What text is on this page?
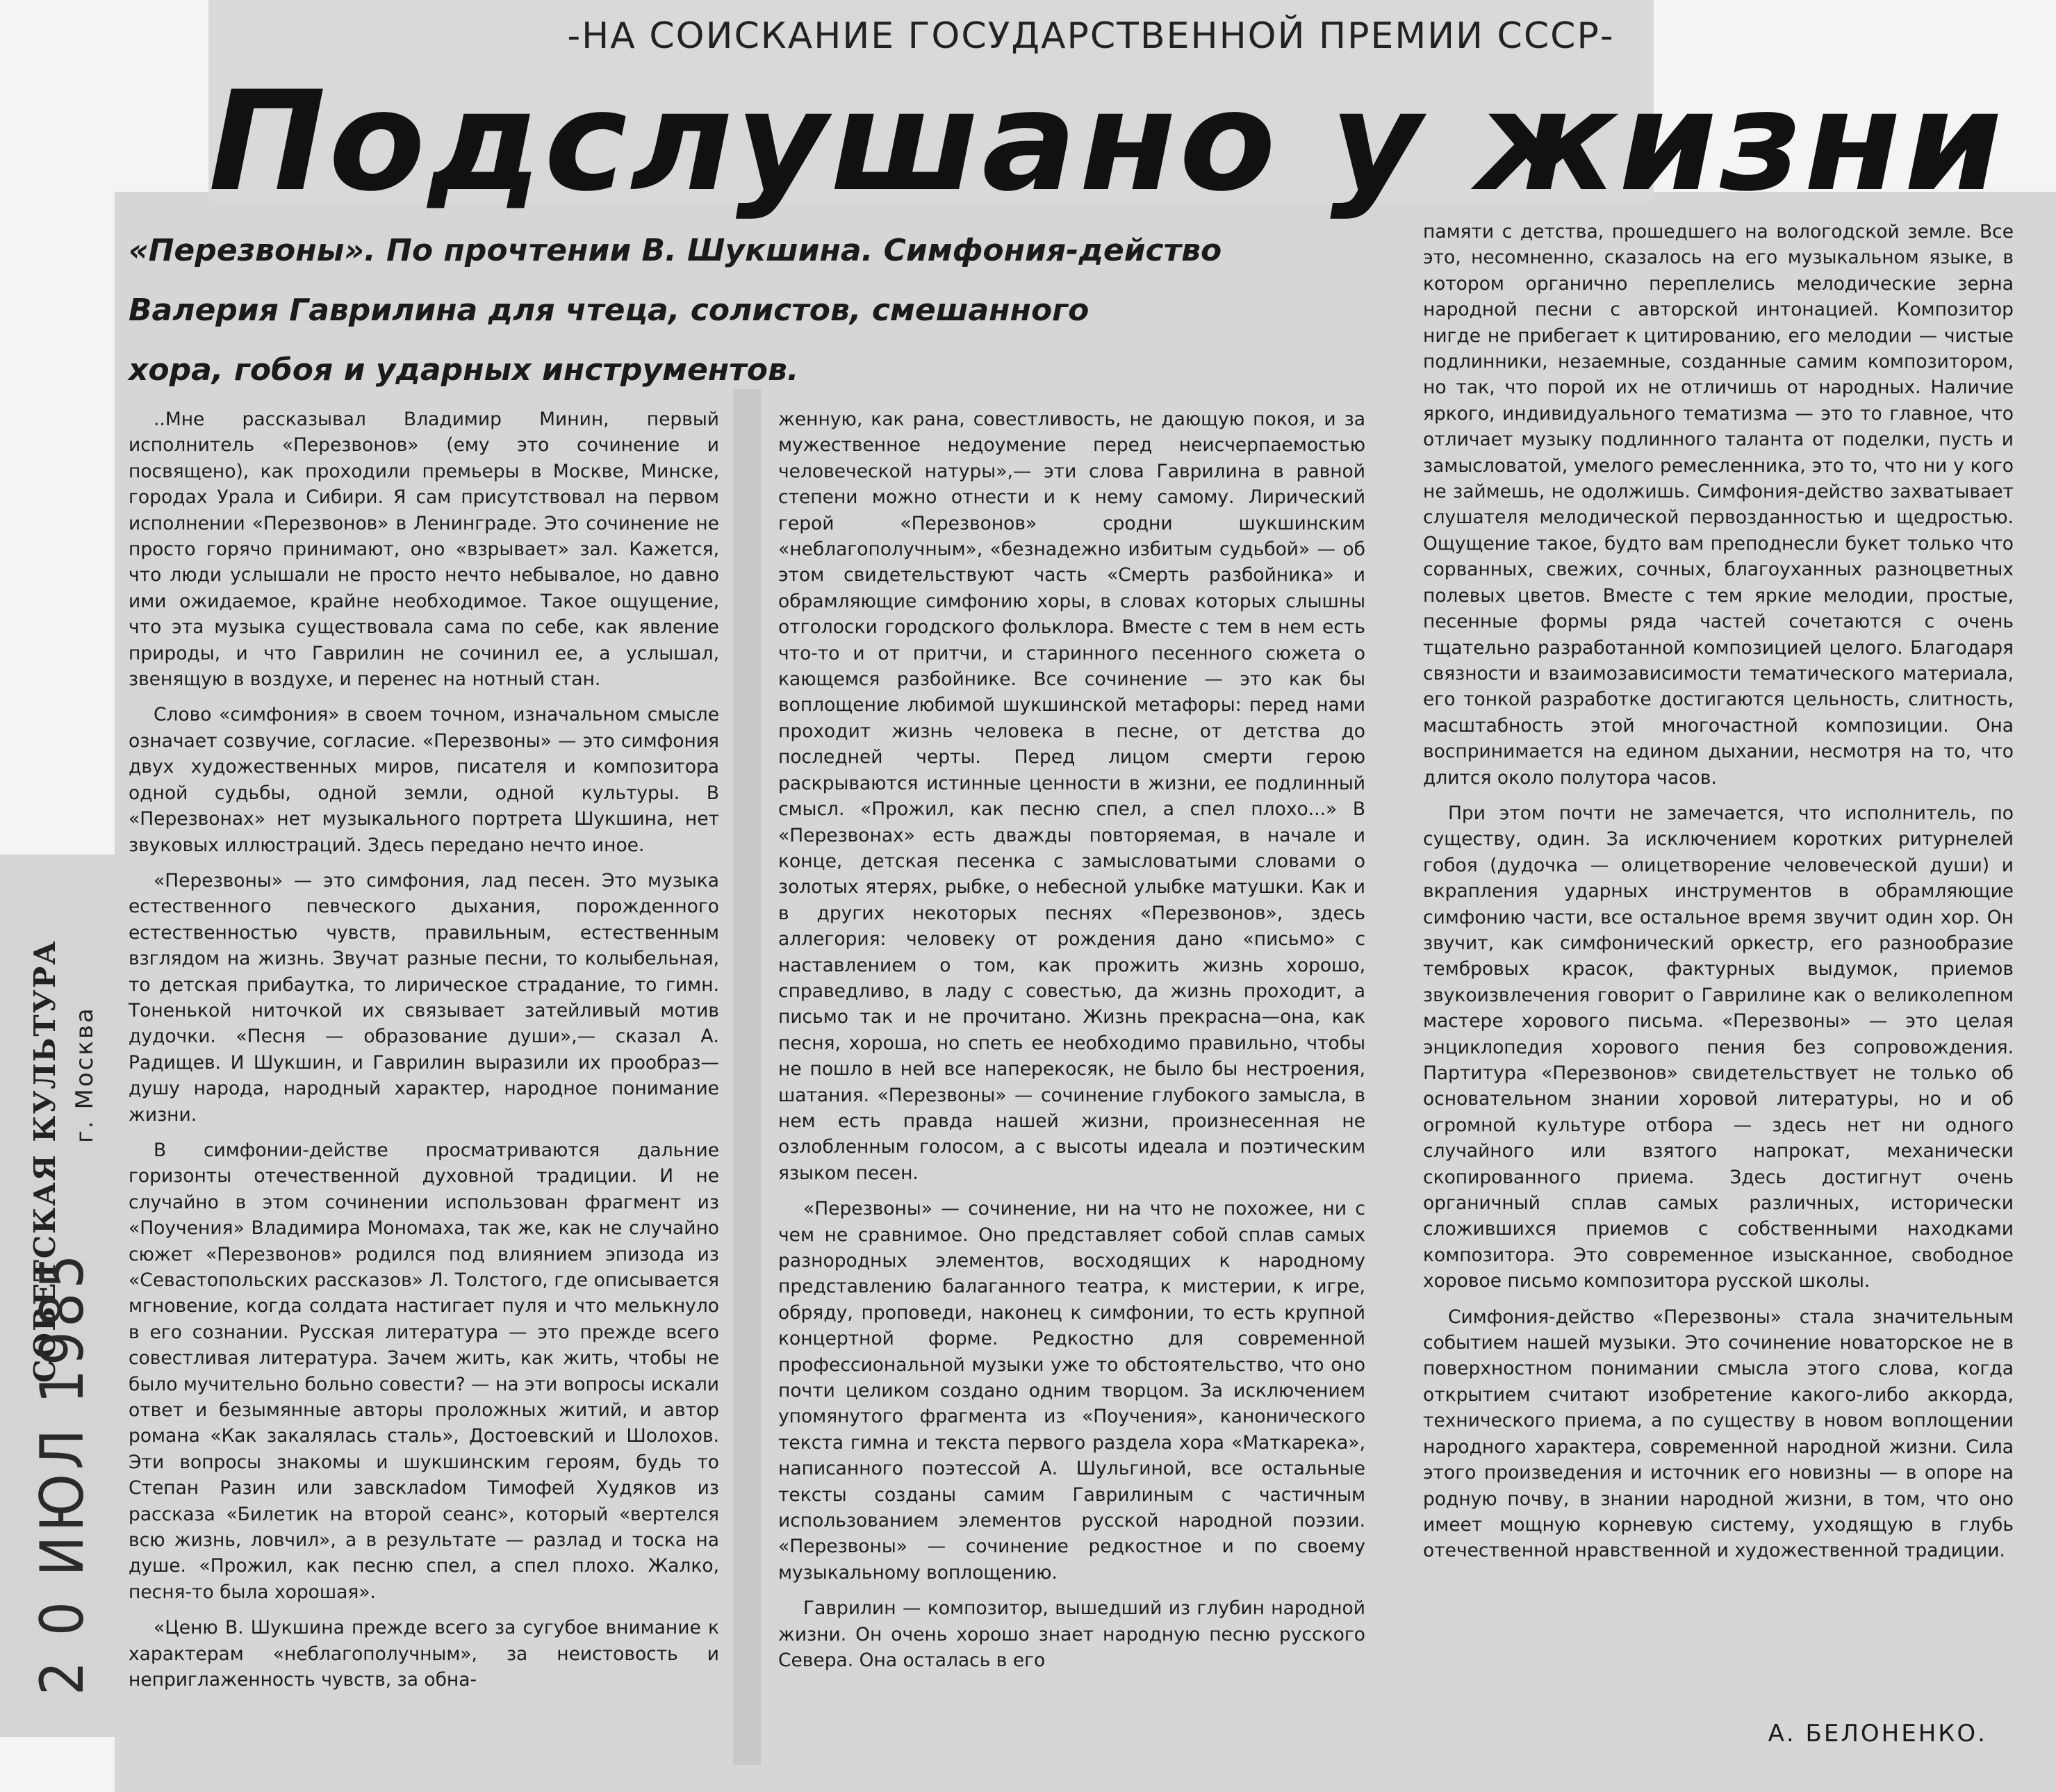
-НА СОИСКАНИЕ ГОСУДАРСТВЕННОЙ ПРЕМИИ СССР-
Подслушано у жизни
«Перезвоны». По прочтении В. Шукшина. Симфония-действо
Валерия Гаврилина для чтеца, солистов, смешанного
хора, гобоя и ударных инструментов.

..Мне рассказывал Владимир Минин, первый исполнитель «Перезвонов» (ему это сочинение и посвящено), как проходили премьеры в Москве, Минске, городах Урала и Сибири. Я сам присутствовал на первом исполнении «Перезвонов» в Ленинграде. Это сочинение не просто горячо принимают, оно «взрывает» зал. Кажется, что люди услышали не просто нечто небывалое, но давно ими ожидаемое, крайне необходимое. Такое ощущение, что эта музыка существовала сама по себе, как явление природы, и что Гаврилин не сочинил ее, а услышал, звенящую в воздухе, и перенес на нотный стан.

Слово «симфония» в своем точном, изначальном смысле означает созвучие, согласие. «Перезвоны» — это симфония двух художественных миров, писателя и композитора одной судьбы, одной земли, одной культуры. В «Перезвонах» нет музыкального портрета Шукшина, нет звуковых иллюстраций. Здесь передано нечто иное.

«Перезвоны» — это симфония, лад песен. Это музыка естественного певческого дыхания, порожденного естественностью чувств, правильным, естественным взглядом на жизнь. Звучат разные песни, то колыбельная, то детская прибаутка, то лирическое страдание, то гимн. Тоненькой ниточкой их связывает затейливый мотив дудочки. «Песня — образование души»,— сказал А. Радищев. И Шукшин, и Гаврилин выразили их прообраз—душу народа, народный характер, народное понимание жизни.

В симфонии-действе просматриваются дальние горизонты отечественной духовной традиции. И не случайно в этом сочинении использован фрагмент из «Поучения» Владимира Мономаха, так же, как не случайно сюжет «Перезвонов» родился под влиянием эпизода из «Севастопольских рассказов» Л. Толстого, где описывается мгновение, когда солдата настигает пуля и что мелькнуло в его сознании. Русская литература — это прежде всего совестливая литература. Зачем жить, как жить, чтобы не было мучительно больно совести? — на эти вопросы искали ответ и безымянные авторы проложных житий, и автор романа «Как закалялась сталь», Достоевский и Шолохов. Эти вопросы знакомы и шукшинским героям, будь то Степан Разин или завсклadом Тимофей Худяков из рассказа «Билетик на второй сеанс», который «вертелся всю жизнь, ловчил», а в результате — разлад и тоска на душе. «Прожил, как песню спел, а спел плохо. Жалко, песня-то была хорошая».

«Ценю В. Шукшина прежде всего за сугубое внимание к характерам «неблагополучным», за неистовость и неприглаженность чувств, за обна-

женную, как рана, совестливость, не дающую покоя, и за мужественное недоумение перед неисчерпаемостью человеческой натуры»,— эти слова Гаврилина в равной степени можно отнести и к нему самому. Лирический герой «Перезвонов» сродни шукшинским «неблагополучным», «безнадежно избитым судьбой» — об этом свидетельствуют часть «Смерть разбойника» и обрамляющие симфонию хоры, в словах которых слышны отголоски городского фольклора. Вместе с тем в нем есть что-то и от притчи, и старинного песенного сюжета о кающемся разбойнике. Все сочинение — это как бы воплощение любимой шукшинской метафоры: перед нами проходит жизнь человека в песне, от детства до последней черты. Перед лицом смерти герою раскрываются истинные ценности в жизни, ее подлинный смысл. «Прожил, как песню спел, а спел плохо...» В «Перезвонах» есть дважды повторяемая, в начале и конце, детская песенка с замысловатыми словами о золотых ятерях, рыбке, о небесной улыбке матушки. Как и в других некоторых песнях «Перезвонов», здесь аллегория: человеку от рождения дано «письмо» с наставлением о том, как прожить жизнь хорошо, справедливо, в ладу с совестью, да жизнь проходит, а письмо так и не прочитано. Жизнь прекрасна—она, как песня, хороша, но спеть ее необходимо правильно, чтобы не пошло в ней все наперекосяк, не было бы нестроения, шатания. «Перезвоны» — сочинение глубокого замысла, в нем есть правда нашей жизни, произнесенная не озлобленным голосом, а с высоты идеала и поэтическим языком песен.

«Перезвоны» — сочинение, ни на что не похожее, ни с чем не сравнимое. Оно представляет собой сплав самых разнородных элементов, восходящих к народному представлению балаганного театра, к мистерии, к игре, обряду, проповеди, наконец к симфонии, то есть крупной концертной форме. Редкостно для современной профессиональной музыки уже то обстоятельство, что оно почти целиком создано одним творцом. За исключением упомянутого фрагмента из «Поучения», канонического текста гимна и текста первого раздела хора «Маткарека», написанного поэтессой А. Шульгиной, все остальные тексты созданы самим Гаврилиным с частичным использованием элементов русской народной поэзии. «Перезвоны» — сочинение редкостное и по своему музыкальному воплощению.

Гаврилин — композитор, вышедший из глубин народной жизни. Он очень хорошо знает народную песню русского Севера. Она осталась в его

памяти с детства, прошедшего на вологодской земле. Все это, несомненно, сказалось на его музыкальном языке, в котором органично переплелись мелодические зерна народной песни с авторской интонацией. Композитор нигде не прибегает к цитированию, его мелодии — чистые подлинники, незаемные, созданные самим композитором, но так, что порой их не отличишь от народных. Наличие яркого, индивидуального тематизма — это то главное, что отличает музыку подлинного таланта от поделки, пусть и замысловатой, умелого ремесленника, это то, что ни у кого не займешь, не одолжишь. Симфония-действо захватывает слушателя мелодической первозданностью и щедростью. Ощущение такое, будто вам преподнесли букет только что сорванных, свежих, сочных, благоуханных разноцветных полевых цветов. Вместе с тем яркие мелодии, простые, песенные формы ряда частей сочетаются с очень тщательно разработанной композицией целого. Благодаря связности и взаимозависимости тематического материала, его тонкой разработке достигаются цельность, слитность, масштабность этой многочастной композиции. Она воспринимается на едином дыхании, несмотря на то, что длится около полутора часов.

При этом почти не замечается, что исполнитель, по существу, один. За исключением коротких ритурнелей гобоя (дудочка — олицетворение человеческой души) и вкрапления ударных инструментов в обрамляющие симфонию части, все остальное время звучит один хор. Он звучит, как симфонический оркестр, его разнообразие тембровых красок, фактурных выдумок, приемов звукоизвлечения говорит о Гаврилине как о великолепном мастере хорового письма. «Перезвоны» — это целая энциклопедия хорового пения без сопровождения. Партитура «Перезвонов» свидетельствует не только об основательном знании хоровой литературы, но и об огромной культуре отбора — здесь нет ни одного случайного или взятого напрокат, механически скопированного приема. Здесь достигнут очень органичный сплав самых различных, исторически сложившихся приемов с собственными находками композитора. Это современное изысканное, свободное хоровое письмо композитора русской школы.

Симфония-действо «Перезвоны» стала значительным событием нашей музыки. Это сочинение новаторское не в поверхностном понимании смысла этого слова, когда открытием считают изобретение какого-либо аккорда, технического приема, а по существу в новом воплощении народного характера, современной народной жизни. Сила этого произведения и источник его новизны — в опоре на родную почву, в знании народной жизни, в том, что оно имеет мощную корневую систему, уходящую в глубь отечественной нравственной и художественной традиции.

А. БЕЛОНЕНКО.
СОВЕТСКАЯ КУЛЬТУРА г. Москва
2 0 ИЮЛ 1985
